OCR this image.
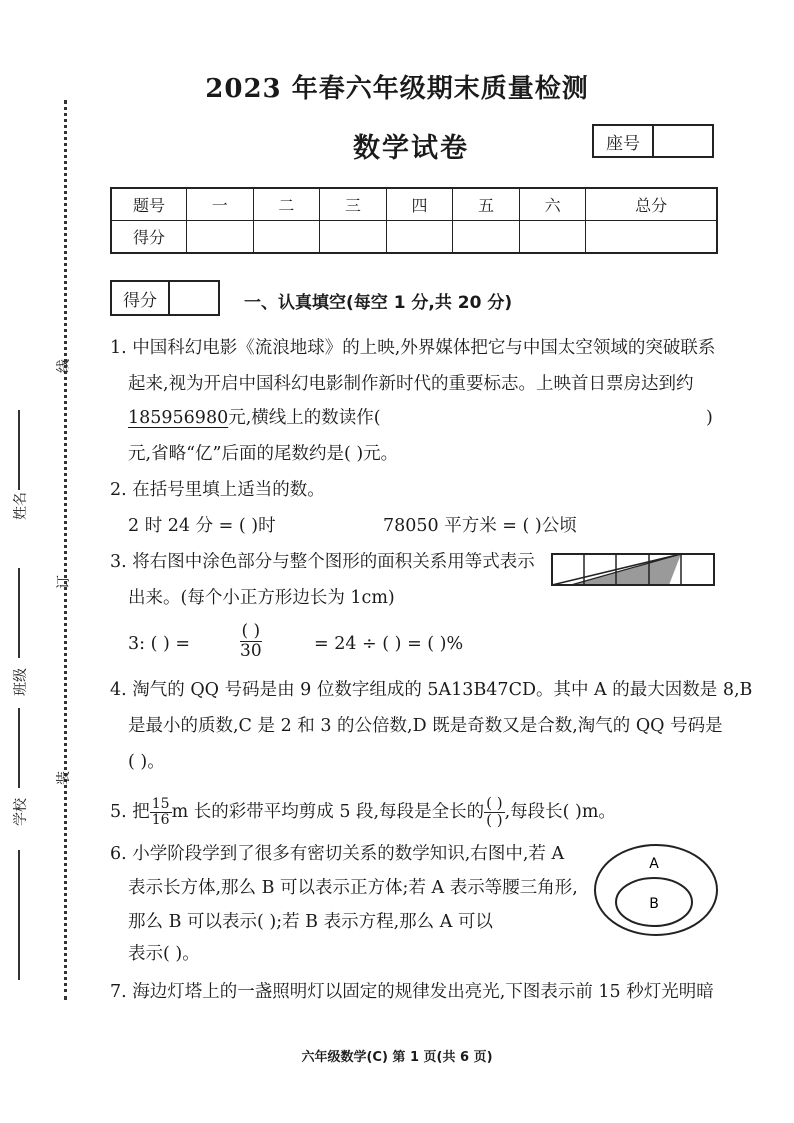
线
订
装
姓名
班级
学校
2023 年春六年级期末质量检测
数学试卷	座号
题号	一	二	三	四	五	六	总分
得分							
得分	一、认真填空(每空 1 分,共 20 分)
1. 中国科幻电影《流浪地球》的上映,外界媒体把它与中国太空领域的突破联系
起来,视为开启中国科幻电影制作新时代的重要标志。上映首日票房达到约
185956980元,横线上的数读作(	)
元,省略“亿”后面的尾数约是( )元。
2. 在括号里填上适当的数。
2 时 24 分 = ( )时	78050 平方米 = ( )公顷
3. 将右图中涂色部分与整个图形的面积关系用等式表示
出来。(每个小正方形边长为 1cm)
3: ( ) =
( )
30	= 24 ÷ ( ) = ( )%
4. 淘气的 QQ 号码是由 9 位数字组成的 5A13B47CD。其中 A 的最大因数是 8,B
是最小的质数,C 是 2 和 3 的公倍数,D 既是奇数又是合数,淘气的 QQ 号码是
( )。
5. 把 $\frac{15}{16}$ m 长的彩带平均剪成 5 段,每段是全长的 $\frac{( )}{( )}$ ,每段长( )m。
6. 小学阶段学到了很多有密切关系的数学知识,右图中,若 A
表示长方体,那么 B 可以表示正方体;若 A 表示等腰三角形,
那么 B 可以表示( );若 B 表示方程,那么 A 可以
表示( )。
A
B
7. 海边灯塔上的一盏照明灯以固定的规律发出亮光,下图表示前 15 秒灯光明暗
六年级数学(C) 第 1 页(共 6 页)
